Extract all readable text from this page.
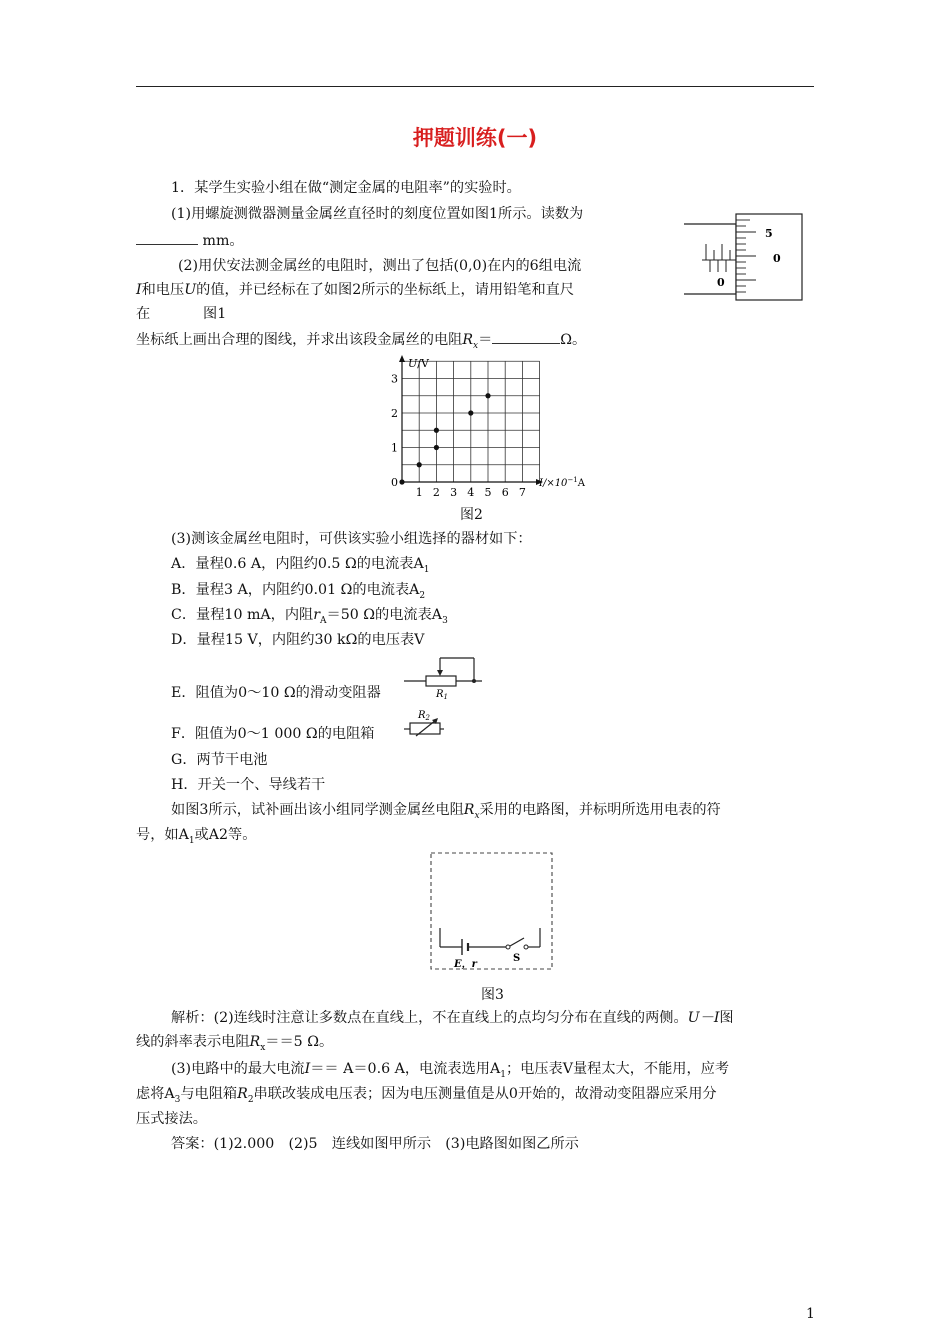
押题训练(一)
1．某学生实验小组在做“测定金属的电阻率”的实验时。
(1)用螺旋测微器测量金属丝直径时的刻度位置如图1所示。读数为
mm。
(2)用伏安法测金属丝的电阻时，测出了包括(0,0)在内的6组电流
I和电压U的值，并已经标在了如图2所示的坐标纸上，请用铅笔和直尺
在	图1
坐标纸上画出合理的图线，并求出该段金属丝的电阻$R_x=$	Ω。
5
0
0
U/V
$I/\times 10^{-1}A$
0
1 2 3 4 5 6 7
1
2
3
图2
(3)测该金属丝电阻时，可供该实验小组选择的器材如下：
A．量程0.6 A，内阻约0.5 Ω的电流表$A_1$
B．量程3 A，内阻约0.01 Ω的电流表$A_2$
C．量程10 mA，内阻$r_A=50$ Ω的电流表$A_3$
D．量程15 V，内阻约30 kΩ的电压表V
E．阻值为0～10 Ω的滑动变阻器	$R_1$
F．阻值为0～1 000 Ω的电阻箱
$R_2$
G．两节干电池
H．开关一个、导线若干
如图3所示，试补画出该小组同学测金属丝电阻$R_x$采用的电路图，并标明所选用电表的符
号，如$A_1$或A2等。
E，r
S
图3
解析：(2)连线时注意让多数点在直线上，不在直线上的点均匀分布在直线的两侧。U－I图
线的斜率表示电阻$R_x==5$ Ω。
(3)电路中的最大电流I＝＝ A＝0.6 A，电流表选用$A_1$；电压表V量程太大，不能用，应考
虑将$A_3$与电阻箱$R_2$串联改装成电压表；因为电压测量值是从0开始的，故滑动变阻器应采用分
压式接法。
答案：(1)2.000　(2)5　连线如图甲所示　(3)电路图如图乙所示
1
